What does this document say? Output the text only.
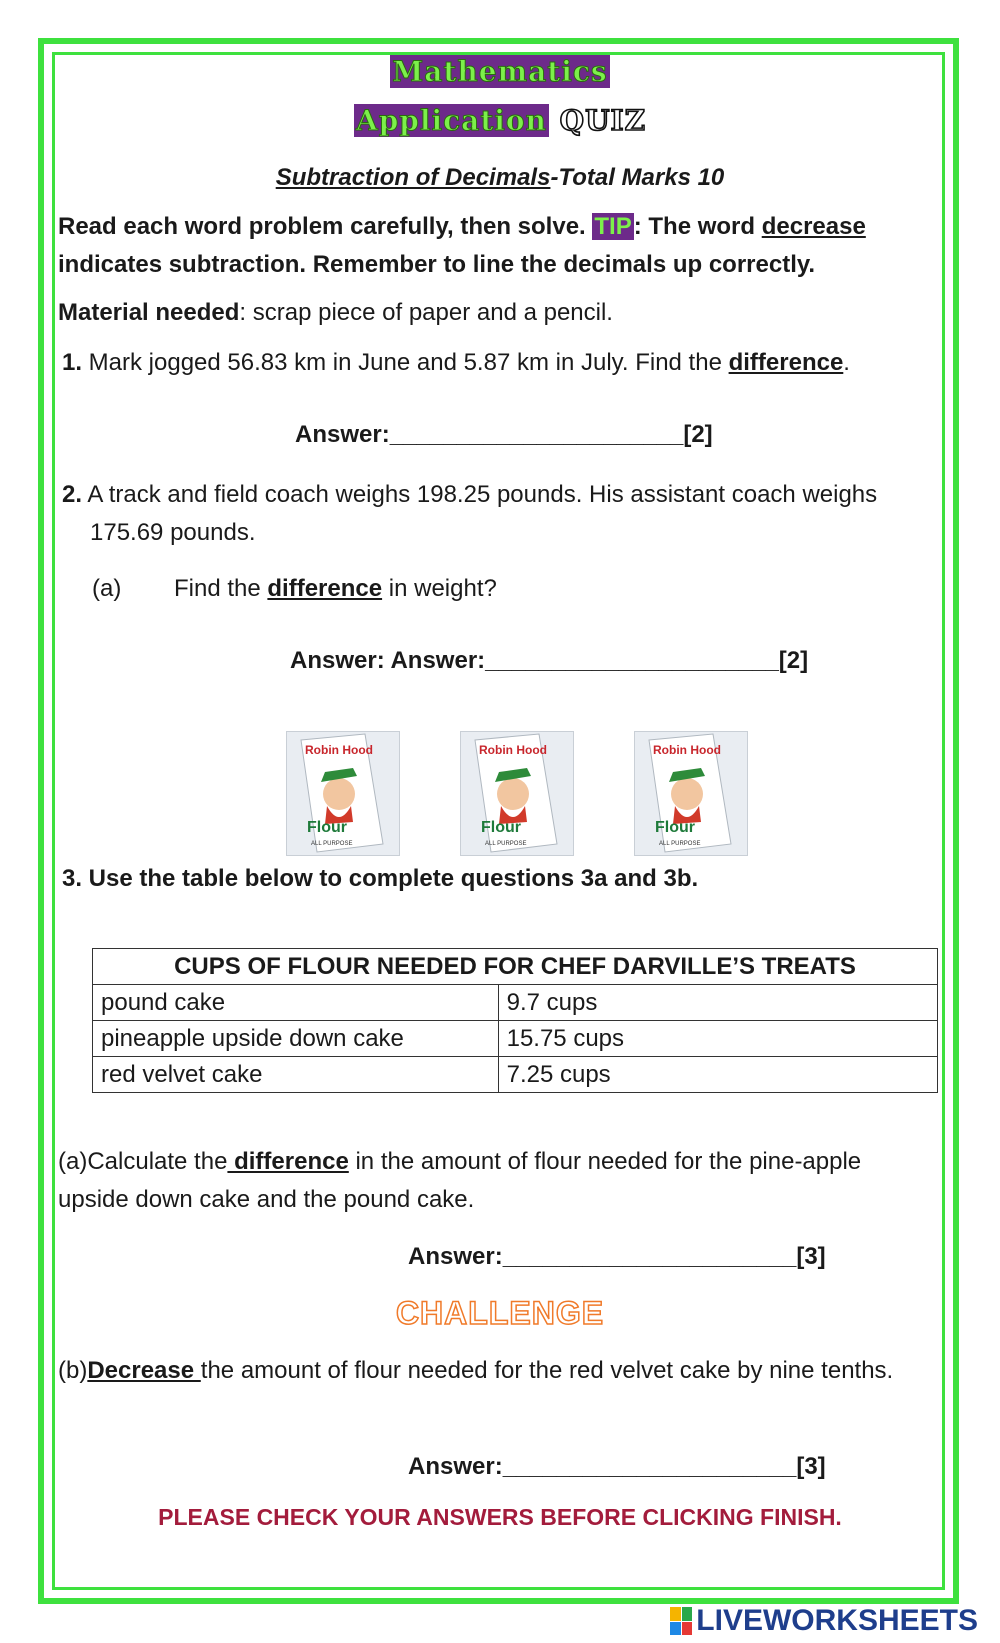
Mathematics
Application QUIZ
Subtraction of Decimals-Total Marks 10
Read each word problem carefully, then solve. TIP: The word decrease indicates subtraction. Remember to line the decimals up correctly.
Material needed: scrap piece of paper and a pencil.
1. Mark jogged 56.83 km in June and 5.87 km in July. Find the difference.
Answer:______________________[2]
2. A track and field coach weighs 198.25 pounds. His assistant coach weighs 175.69 pounds.
(a) Find the difference in weight?
Answer: Answer:______________________[2]
Robin Hood
Flour
ALL PURPOSE
Robin Hood
Flour
ALL PURPOSE
Robin Hood
Flour
ALL PURPOSE
3. Use the table below to complete questions 3a and 3b.
CUPS OF FLOUR NEEDED FOR CHEF DARVILLE’S TREATS	
pound cake	9.7 cups
pineapple upside down cake	15.75 cups
red velvet cake	7.25 cups
(a)Calculate the difference in the amount of flour needed for the pine-apple upside down cake and the pound cake.
Answer:______________________[3]
CHALLENGE
(b)Decrease the amount of flour needed for the red velvet cake by nine tenths.
Answer:______________________[3]
PLEASE CHECK YOUR ANSWERS BEFORE CLICKING FINISH.
LIVEWORKSHEETS
